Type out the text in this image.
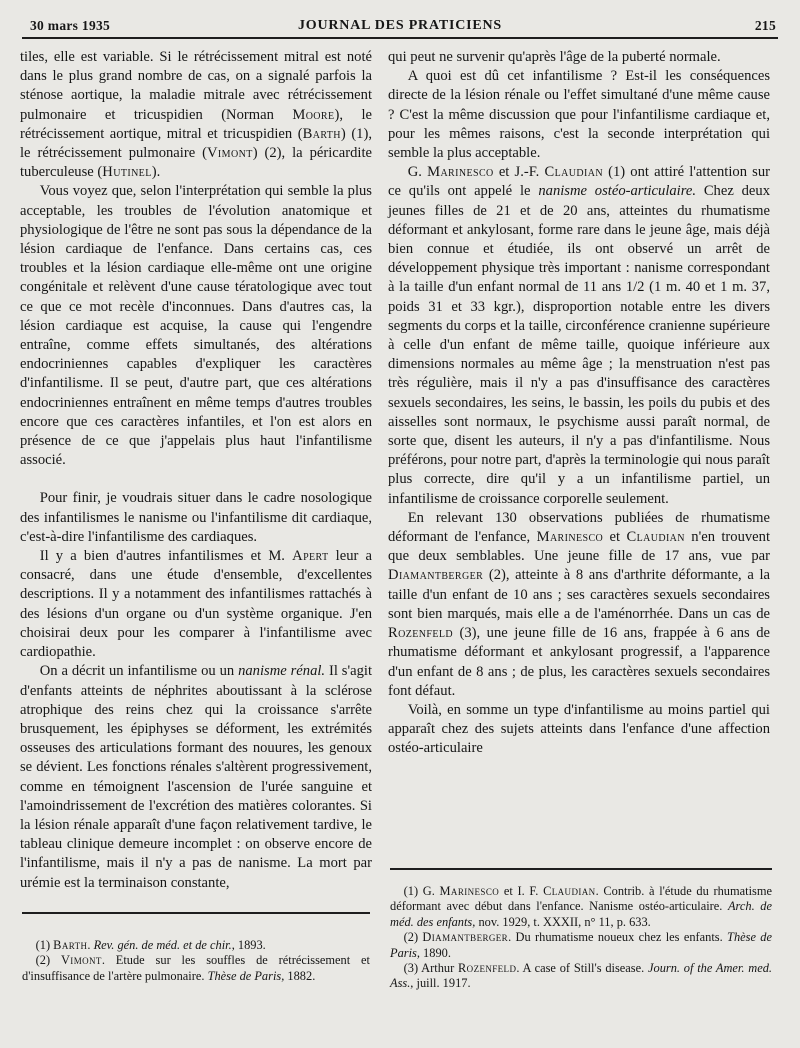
30 mars 1935	JOURNAL DES PRATICIENS	215

tiles, elle est variable. Si le rétrécissement mitral est noté dans le plus grand nombre de cas, on a signalé parfois la sténose aortique, la maladie mitrale avec rétrécissement pulmonaire et tricuspidien (Norman Moore), le rétrécissement aortique, mitral et tricuspidien (Barth) (1), le rétrécissement pulmonaire (Vimont) (2), la péricardite tuberculeuse (Hutinel).

Vous voyez que, selon l'interprétation qui semble la plus acceptable, les troubles de l'évolution anatomique et physiologique de l'être ne sont pas sous la dépendance de la lésion cardiaque de l'enfance. Dans certains cas, ces troubles et la lésion cardiaque elle-même ont une origine congénitale et relèvent d'une cause tératologique avec tout ce que ce mot recèle d'inconnues. Dans d'autres cas, la lésion cardiaque est acquise, la cause qui l'engendre entraîne, comme effets simultanés, des altérations endocriniennes capables d'expliquer les caractères d'infantilisme. Il se peut, d'autre part, que ces altérations endocriniennes entraînent en même temps d'autres troubles encore que ces caractères infantiles, et l'on est alors en présence de ce que j'appelais plus haut l'infantilisme associé.

Pour finir, je voudrais situer dans le cadre nosologique des infantilismes le nanisme ou l'infantilisme dit cardiaque, c'est-à-dire l'infantilisme des cardiaques.

Il y a bien d'autres infantilismes et M. Apert leur a consacré, dans une étude d'ensemble, d'excellentes descriptions. Il y a notamment des infantilismes rattachés à des lésions d'un organe ou d'un système organique. J'en choisirai deux pour les comparer à l'infantilisme avec cardiopathie.

On a décrit un infantilisme ou un nanisme rénal. Il s'agit d'enfants atteints de néphrites aboutissant à la sclérose atrophique des reins chez qui la croissance s'arrête brusquement, les épiphyses se déforment, les extrémités osseuses des articulations formant des nouures, les genoux se dévient. Les fonctions rénales s'altèrent progressivement, comme en témoignent l'ascension de l'urée sanguine et l'amoindrissement de l'excrétion des matières colorantes. Si la lésion rénale apparaît d'une façon relativement tardive, le tableau clinique demeure incomplet : on observe encore de l'infantilisme, mais il n'y a pas de nanisme. La mort par urémie est la terminaison constante,

qui peut ne survenir qu'après l'âge de la puberté normale.

A quoi est dû cet infantilisme ? Est-il les conséquences directe de la lésion rénale ou l'effet simultané d'une même cause ? C'est la même discussion que pour l'infantilisme cardiaque et, pour les mêmes raisons, c'est la seconde interprétation qui semble la plus acceptable.

G. Marinesco et J.-F. Claudian (1) ont attiré l'attention sur ce qu'ils ont appelé le nanisme ostéo-articulaire. Chez deux jeunes filles de 21 et de 20 ans, atteintes du rhumatisme déformant et ankylosant, forme rare dans le jeune âge, mais déjà bien connue et étudiée, ils ont observé un arrêt de développement physique très important : nanisme correspondant à la taille d'un enfant normal de 11 ans 1/2 (1 m. 40 et 1 m. 37, poids 31 et 33 kgr.), disproportion notable entre les divers segments du corps et la taille, circonférence cranienne supérieure à celle d'un enfant de même taille, quoique inférieure aux dimensions normales au même âge ; la menstruation n'est pas très régulière, mais il n'y a pas d'insuffisance des caractères sexuels secondaires, les seins, le bassin, les poils du pubis et des aisselles sont normaux, le psychisme aussi paraît normal, de sorte que, disent les auteurs, il n'y a pas d'infantilisme. Nous préférons, pour notre part, d'après la terminologie qui nous paraît plus correcte, dire qu'il y a un infantilisme partiel, un infantilisme de croissance corporelle seulement.

En relevant 130 observations publiées de rhumatisme déformant de l'enfance, Marinesco et Claudian n'en trouvent que deux semblables. Une jeune fille de 17 ans, vue par Diamantberger (2), atteinte à 8 ans d'arthrite déformante, a la taille d'un enfant de 10 ans ; ses caractères sexuels secondaires sont bien marqués, mais elle a de l'aménorrhée. Dans un cas de Rozenfeld (3), une jeune fille de 16 ans, frappée à 6 ans de rhumatisme déformant et ankylosant progressif, a l'apparence d'un enfant de 8 ans ; de plus, les caractères sexuels secondaires font défaut.

Voilà, en somme un type d'infantilisme au moins partiel qui apparaît chez des sujets atteints dans l'enfance d'une affection ostéo-articulaire

(1) Barth. Rev. gén. de méd. et de chir., 1893.

(2) Vimont. Etude sur les souffles de rétrécissement et d'insuffisance de l'artère pulmonaire. Thèse de Paris, 1882.

(1) G. Marinesco et I. F. Claudian. Contrib. à l'étude du rhumatisme déformant avec début dans l'enfance. Nanisme ostéo-articulaire. Arch. de méd. des enfants, nov. 1929, t. XXXII, n° 11, p. 633.

(2) Diamantberger. Du rhumatisme noueux chez les enfants. Thèse de Paris, 1890.

(3) Arthur Rozenfeld. A case of Still's disease. Journ. of the Amer. med. Ass., juill. 1917.
